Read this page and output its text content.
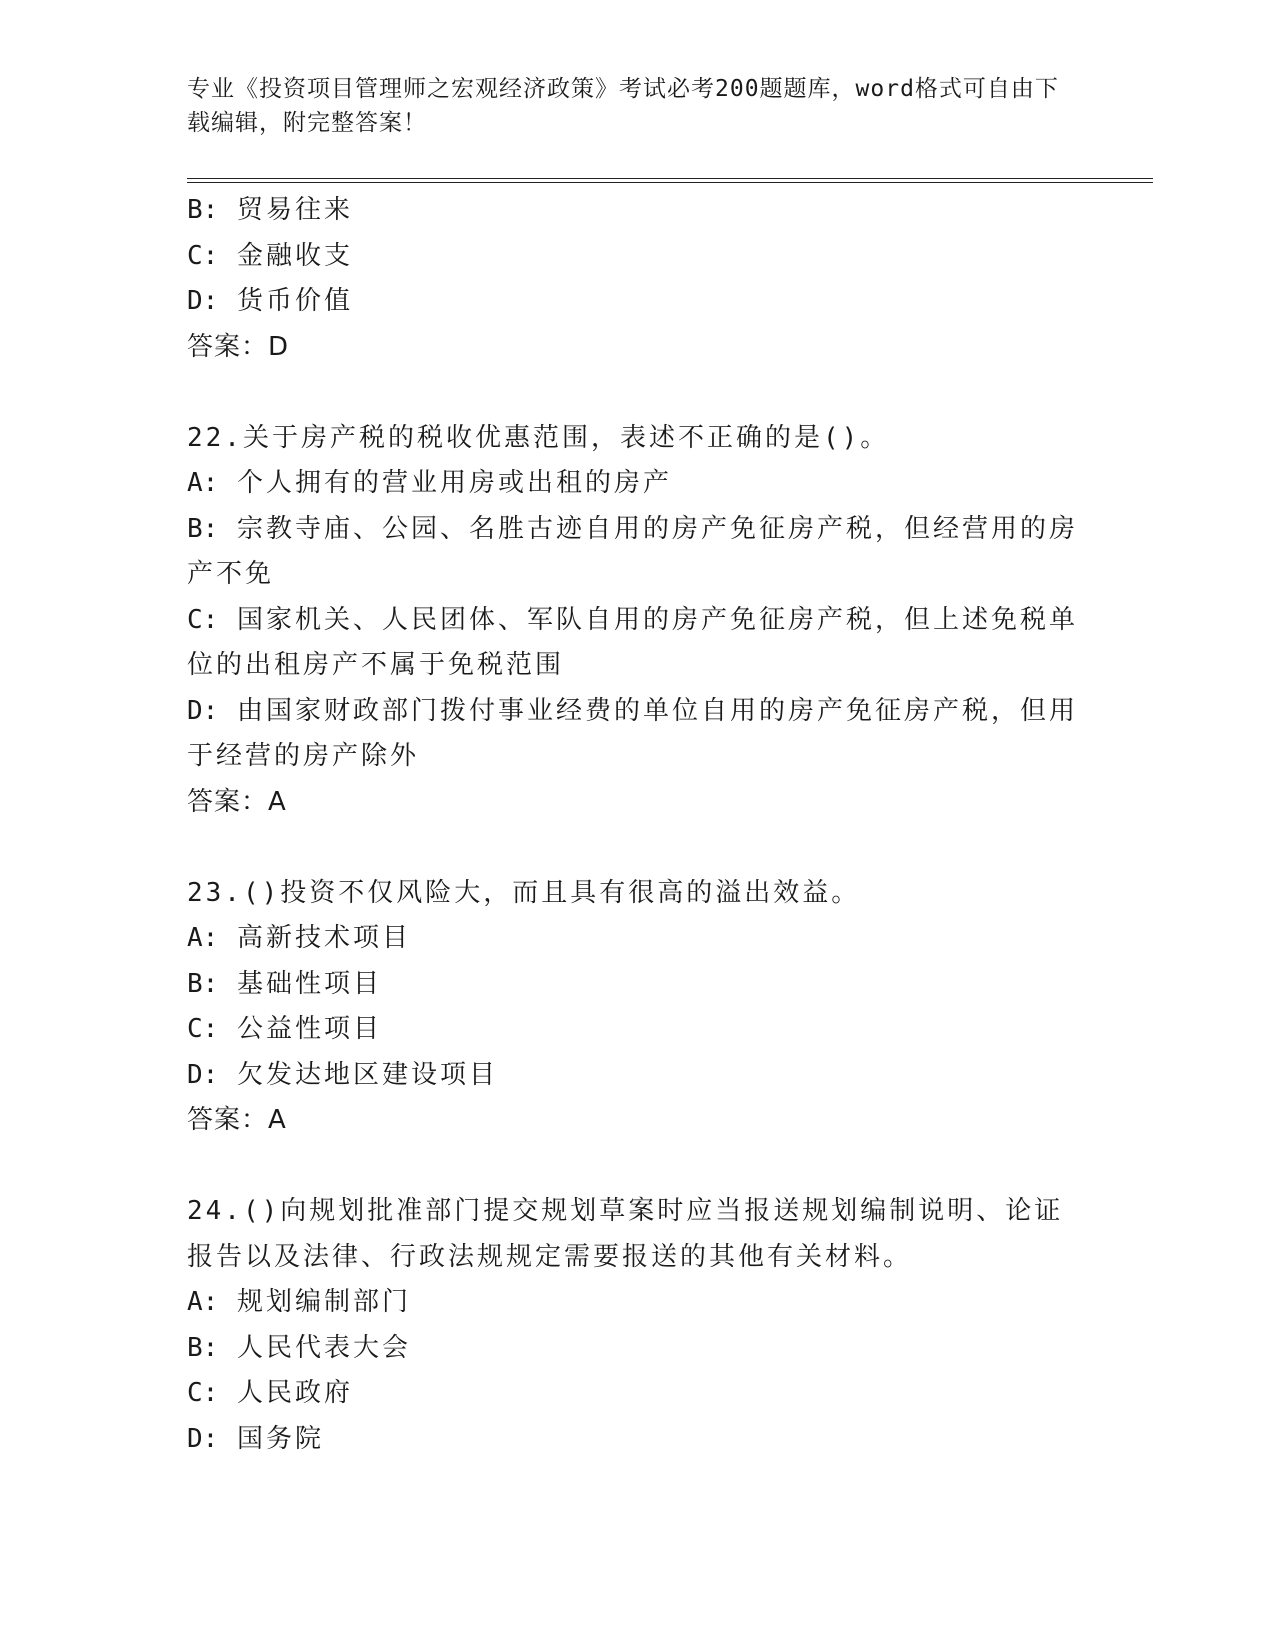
专业《投资项目管理师之宏观经济政策》考试必考200题题库，word格式可自由下载编辑，附完整答案！

B: 贸易往来

C: 金融收支

D: 货币价值

答案：D

22.关于房产税的税收优惠范围，表述不正确的是()。

A: 个人拥有的营业用房或出租的房产

B: 宗教寺庙、公园、名胜古迹自用的房产免征房产税，但经营用的房产不免

C: 国家机关、人民团体、军队自用的房产免征房产税，但上述免税单位的出租房产不属于免税范围

D: 由国家财政部门拨付事业经费的单位自用的房产免征房产税，但用于经营的房产除外

答案：A

23.()投资不仅风险大，而且具有很高的溢出效益。

A: 高新技术项目

B: 基础性项目

C: 公益性项目

D: 欠发达地区建设项目

答案：A

24.()向规划批准部门提交规划草案时应当报送规划编制说明、论证报告以及法律、行政法规规定需要报送的其他有关材料。

A: 规划编制部门

B: 人民代表大会

C: 人民政府

D: 国务院
